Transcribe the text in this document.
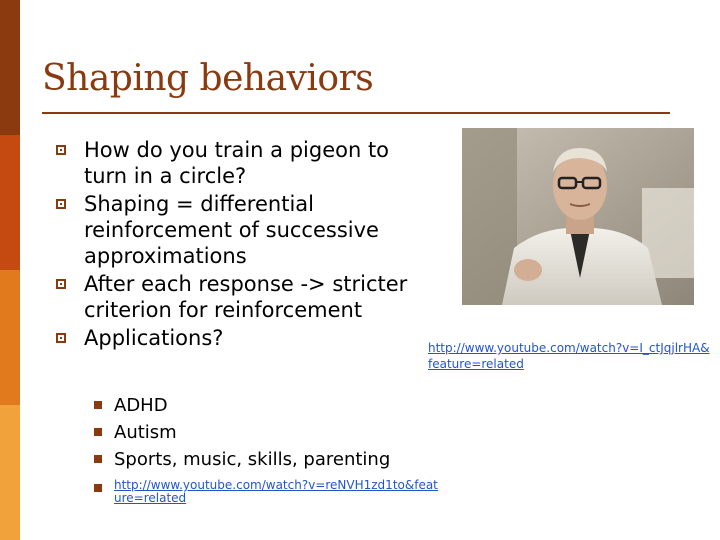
Shaping behaviors
How do you train a pigeon to turn in a circle?
Shaping = differential reinforcement of successive approximations
After each response -> stricter criterion for reinforcement
Applications?
ADHD
Autism
Sports, music, skills, parenting
http://www.youtube.com/watch?v=reNVH1zd1to&feature=related
http://www.youtube.com/watch?v=I_ctJqjlrHA&feature=related
